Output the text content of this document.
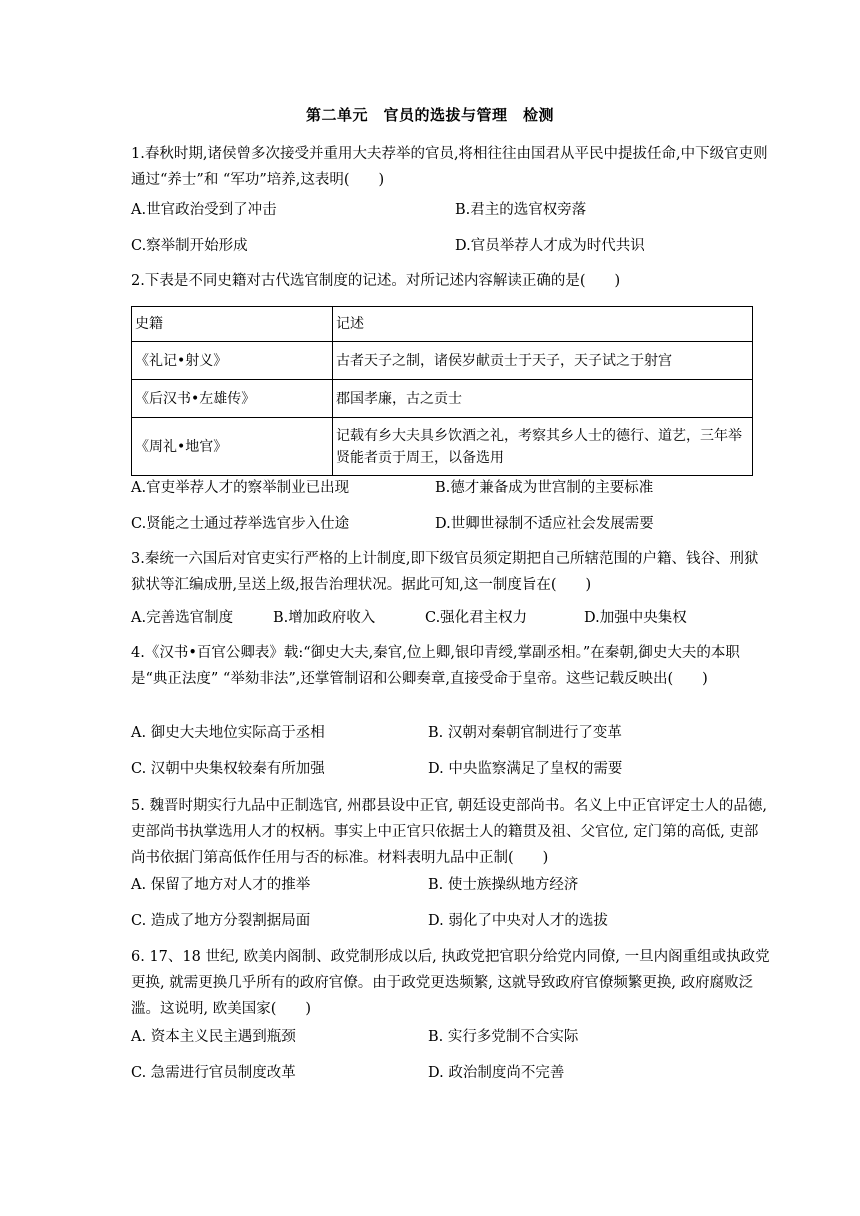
第二单元　官员的选拔与管理　检测
1.春秋时期,诸侯曾多次接受并重用大夫荐举的官员,将相往往由国君从平民中提拔任命,中下级官吏则通过“养士”和 “军功”培养,这表明(　　)
A.世官政治受到了冲击	B.君主的选官权旁落
C.察举制开始形成	D.官员举荐人才成为时代共识
2.下表是不同史籍对古代选官制度的记述。对所记述内容解读正确的是(　　)
史籍	记述
《礼记•射义》	古者天子之制，诸侯岁献贡士于天子，天子试之于射宫
《后汉书•左雄传》	郡国孝廉，古之贡士
《周礼•地官》	记载有乡大夫具乡饮酒之礼，考察其乡人士的德行、道艺，三年举贤能者贡于周王，以备选用
A.官吏举荐人才的察举制业已出现	B.德才兼备成为世宫制的主要标准
C.贤能之士通过荐举选官步入仕途	D.世卿世禄制不适应社会发展需要
3.秦统一六国后对官吏实行严格的上计制度,即下级官员须定期把自己所辖范围的户籍、钱谷、刑狱狱状等汇编成册,呈送上级,报告治理状况。据此可知,这一制度旨在(　　)
A.完善选官制度	B.增加政府收入	C.强化君主权力	D.加强中央集权
4.《汉书•百官公卿表》载:“御史大夫,秦官,位上卿,银印青绶,掌副丞相。”在秦朝,御史大夫的本职是“典正法度” “举劾非法”,还掌管制诏和公卿奏章,直接受命于皇帝。这些记载反映出(　　)
A. 御史大夫地位实际高于丞相	B. 汉朝对秦朝官制进行了变革
C. 汉朝中央集权较秦有所加强	D. 中央监察满足了皇权的需要
5. 魏晋时期实行九品中正制选官, 州郡县设中正官, 朝廷设吏部尚书。名义上中正官评定士人的品德, 吏部尚书执掌选用人才的权柄。事实上中正官只依据士人的籍贯及祖、父官位, 定门第的高低, 吏部尚书依据门第高低作任用与否的标准。材料表明九品中正制(　　)
A. 保留了地方对人才的推举	B. 使士族操纵地方经济
C. 造成了地方分裂割据局面	D. 弱化了中央对人才的选拔
6. 17、18 世纪, 欧美内阁制、政党制形成以后, 执政党把官职分给党内同僚, 一旦内阁重组或执政党更换, 就需更换几乎所有的政府官僚。由于政党更迭频繁, 这就导致政府官僚频繁更换, 政府腐败泛滥。这说明, 欧美国家(　　)
A. 资本主义民主遇到瓶颈	B. 实行多党制不合实际
C. 急需进行官员制度改革	D. 政治制度尚不完善
